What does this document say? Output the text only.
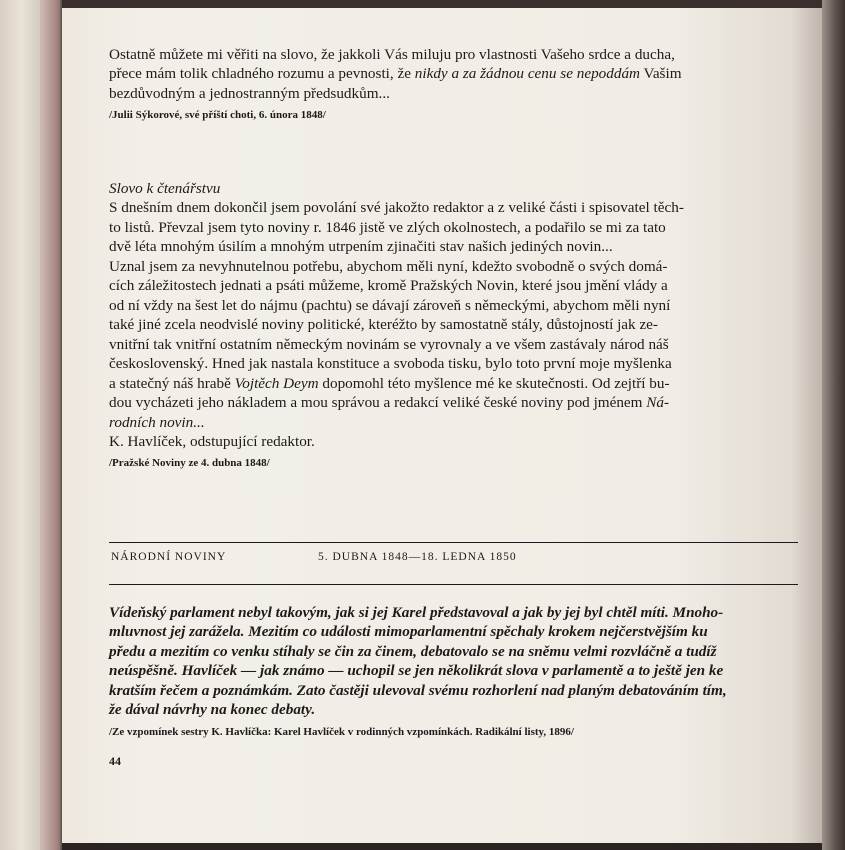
Ostatně můžete mi věřiti na slovo, že jakkoli Vás miluju pro vlastnosti Vašeho srdce a ducha,
přece mám tolik chladného rozumu a pevnosti, že nikdy a za žádnou cenu se nepoddám Vašim
bezdůvodným a jednostranným předsudkům...
/Julii Sýkorové, své příští choti, 6. února 1848/
Slovo k čtenářstvu
S dnešním dnem dokončil jsem povolání své jakožto redaktor a z veliké části i spisovatel těch-
to listů. Převzal jsem tyto noviny r. 1846 jistě ve zlých okolnostech, a podařilo se mi za tato
dvě léta mnohým úsilím a mnohým utrpením zjinačiti stav našich jediných novin...
Uznal jsem za nevyhnutelnou potřebu, abychom měli nyní, kdežto svobodně o svých domá-
cích záležitostech jednati a psáti můžeme, kromě Pražských Novin, které jsou jmění vlády a
od ní vždy na šest let do nájmu (pachtu) se dávají zároveň s německými, abychom měli nyní
také jiné zcela neodvislé noviny politické, kteréžto by samostatně stály, důstojností jak ze-
vnitřní tak vnitřní ostatním německým novinám se vyrovnaly a ve všem zastávaly národ náš
československý. Hned jak nastala konstituce a svoboda tisku, bylo toto první moje myšlenka
a statečný náš hrabě Vojtěch Deym dopomohl této myšlence mé ke skutečnosti. Od zejtří bu-
dou vycházeti jeho nákladem a mou správou a redakcí veliké české noviny pod jménem Ná-
rodních novin...
K. Havlíček, odstupující redaktor.
/Pražské Noviny ze 4. dubna 1848/
NÁRODNÍ NOVINY	5. DUBNA 1848—18. LEDNA 1850
Vídeňský parlament nebyl takovým, jak si jej Karel představoval a jak by jej byl chtěl míti. Mnoho-
mluvnost jej zarážela. Mezitím co události mimoparlamentní spěchaly krokem nejčerstvějším ku
předu a mezitím co venku stíhaly se čin za činem, debatovalo se na sněmu velmi rozvláčně a tudíž
neúspěšně. Havlíček — jak známo — uchopil se jen několikrát slova v parlamentě a to ještě jen ke
kratším řečem a poznámkám. Zato častěji ulevoval svému rozhorlení nad planým debatováním tím,
že dával návrhy na konec debaty.
/Ze vzpomínek sestry K. Havlíčka: Karel Havlíček v rodinných vzpomínkách. Radikální listy, 1896/
44
